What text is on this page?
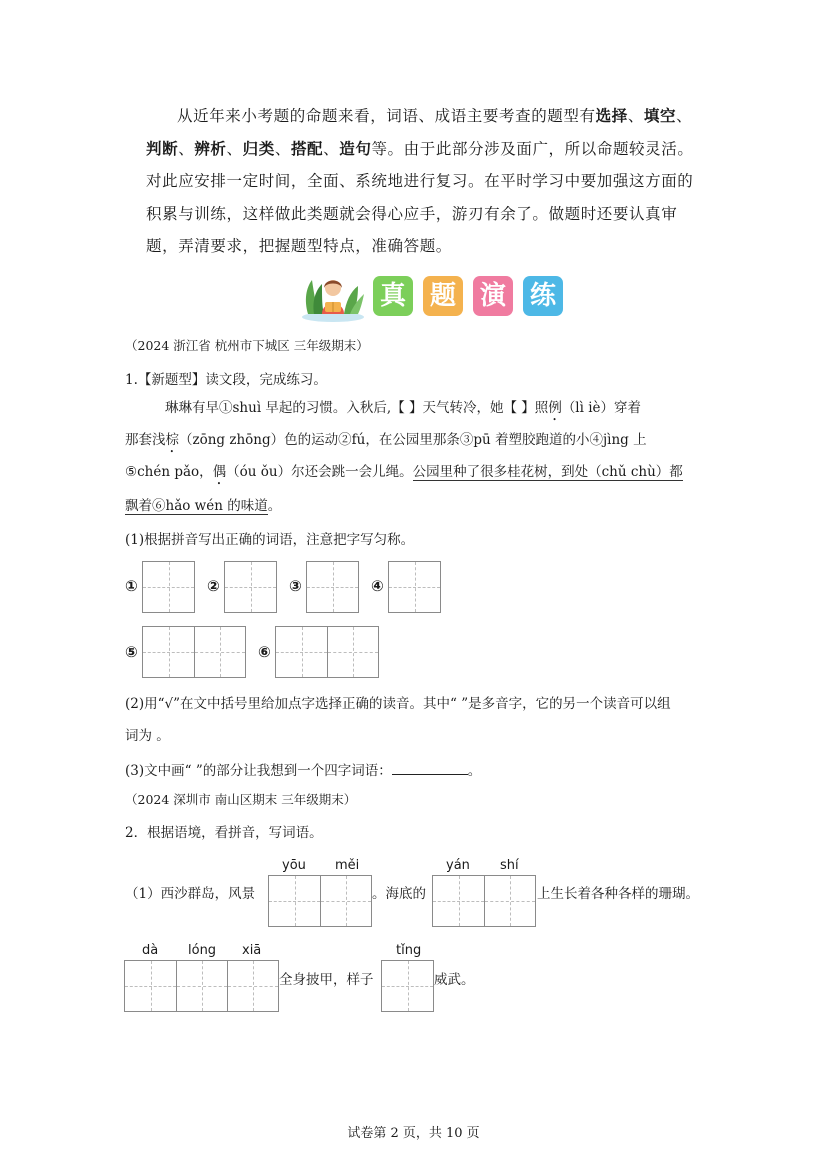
从近年来小考题的命题来看，词语、成语主要考查的题型有选择、填空、判断、辨析、归类、搭配、造句等。由于此部分涉及面广，所以命题较灵活。对此应安排一定时间，全面、系统地进行复习。在平时学习中要加强这方面的积累与训练，这样做此类题就会得心应手，游刃有余了。做题时还要认真审题，弄清要求，把握题型特点，准确答题。

真 题 演 练
（2024 浙江省 杭州市下城区 三年级期末）
1.【新题型】读文段，完成练习。
琳琳有早①shuì 早起的习惯。入秋后,【 】天气转冷，她【 】照例（lì iè）穿着
那套浅棕（zōng zhōng）色的运动②fú，在公园里那条③pū 着塑胶跑道的小④jìng 上
⑤chén pǎo，偶（óu ǒu）尔还会跳一会儿绳。公园里种了很多桂花树，到处（chǔ chù）都
飘着⑥hǎo wén 的味道。
(1)根据拼音写出正确的词语，注意把字写匀称。
①	②	③	④
⑤	⑥
(2)用“√”在文中括号里给加点字选择正确的读音。其中“ ”是多音字，它的另一个读音可以组
词为 。
(3)文中画“ ”的部分让我想到一个四字词语：	。
（2024 深圳市 南山区期末 三年级期末）
2．根据语境，看拼音，写词语。
yōu měi	yán shí
（1）西沙群岛，风景	。海底的	上生长着各种各样的珊瑚。
dà lóng xiā	tǐng
全身披甲，样子	威武。
试卷第 2 页，共 10 页
